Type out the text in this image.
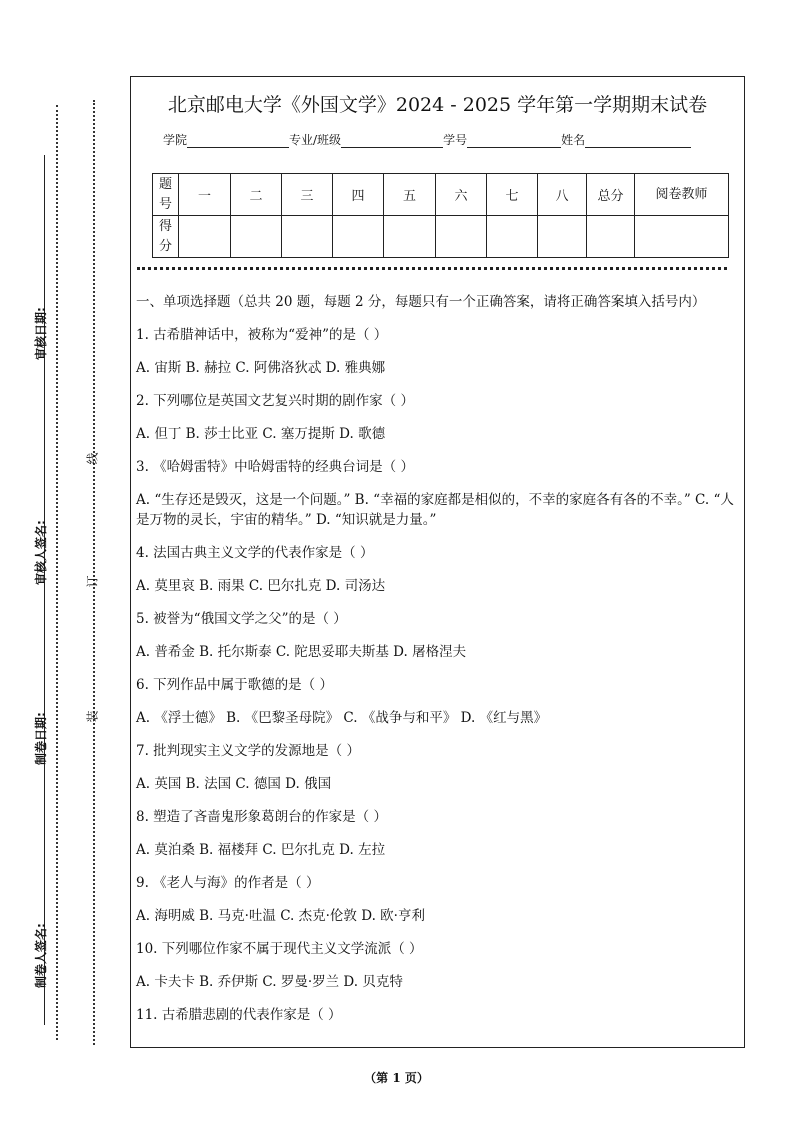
审核日期:
审核人签名:
制卷日期:
制卷人签名:
线
订
装
北京邮电大学《外国文学》2024 - 2025 学年第一学期期末试卷
学院	专业/班级	学号	姓名
题号	一	二	三	四	五	六	七	八	总分	阅卷教师
得分										

一、单项选择题（总共 20 题，每题 2 分，每题只有一个正确答案，请将正确答案填入括号内）

1. 古希腊神话中，被称为“爱神”的是（ ）

A. 宙斯 B. 赫拉 C. 阿佛洛狄忒 D. 雅典娜

2. 下列哪位是英国文艺复兴时期的剧作家（ ）

A. 但丁 B. 莎士比亚 C. 塞万提斯 D. 歌德

3. 《哈姆雷特》中哈姆雷特的经典台词是（ ）

A. “生存还是毁灭，这是一个问题。” B. “幸福的家庭都是相似的，不幸的家庭各有各的不幸。” C. “人是万物的灵长，宇宙的精华。” D. “知识就是力量。”

4. 法国古典主义文学的代表作家是（ ）

A. 莫里哀 B. 雨果 C. 巴尔扎克 D. 司汤达

5. 被誉为“俄国文学之父”的是（ ）

A. 普希金 B. 托尔斯泰 C. 陀思妥耶夫斯基 D. 屠格涅夫

6. 下列作品中属于歌德的是（ ）

A. 《浮士德》 B. 《巴黎圣母院》 C. 《战争与和平》 D. 《红与黑》

7. 批判现实主义文学的发源地是（ ）

A. 英国 B. 法国 C. 德国 D. 俄国

8. 塑造了吝啬鬼形象葛朗台的作家是（ ）

A. 莫泊桑 B. 福楼拜 C. 巴尔扎克 D. 左拉

9. 《老人与海》的作者是（ ）

A. 海明威 B. 马克·吐温 C. 杰克·伦敦 D. 欧·亨利

10. 下列哪位作家不属于现代主义文学流派（ ）

A. 卡夫卡 B. 乔伊斯 C. 罗曼·罗兰 D. 贝克特

11. 古希腊悲剧的代表作家是（ ）

（第 1 页）
